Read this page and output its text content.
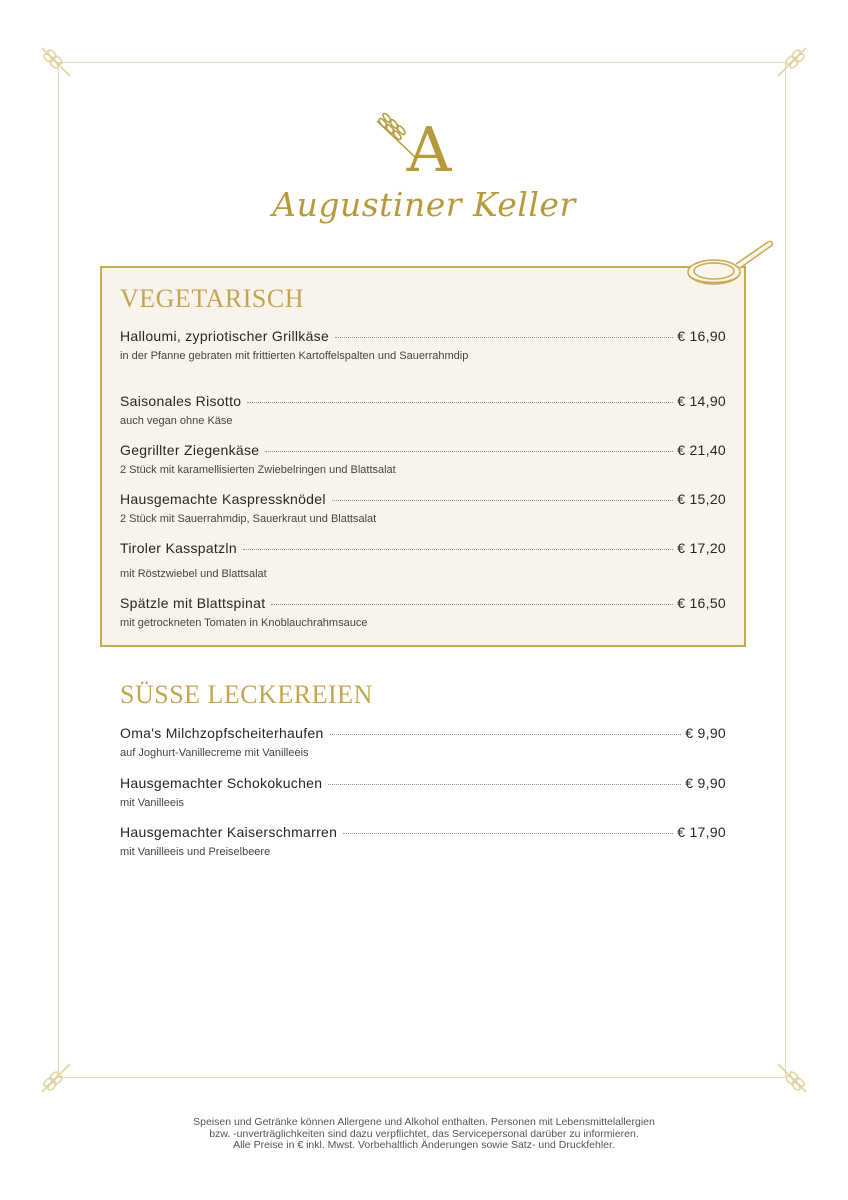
A
Augustiner Keller
VEGETARISCH
Halloumi, zypriotischer Grillkäse	€ 16,90
in der Pfanne gebraten mit frittierten Kartoffelspalten und Sauerrahmdip
Saisonales Risotto	€ 14,90
auch vegan ohne Käse
Gegrillter Ziegenkäse	€ 21,40
2 Stück mit karamellisierten Zwiebelringen und Blattsalat
Hausgemachte Kaspressknödel	€ 15,20
2 Stück mit Sauerrahmdip, Sauerkraut und Blattsalat
Tiroler Kasspatzln	€ 17,20
mit Röstzwiebel und Blattsalat
Spätzle mit Blattspinat	€ 16,50
mit getrockneten Tomaten in Knoblauchrahmsauce
SÜSSE LECKEREIEN
Oma's Milchzopfscheiterhaufen	€ 9,90
auf Joghurt-Vanillecreme mit Vanilleeis
Hausgemachter Schokokuchen	€ 9,90
mit Vanilleeis
Hausgemachter Kaiserschmarren	€ 17,90
mit Vanilleeis und Preiselbeere
Speisen und Getränke können Allergene und Alkohol enthalten. Personen mit Lebensmittelallergien
bzw. -unverträglichkeiten sind dazu verpflichtet, das Servicepersonal darüber zu informieren.
Alle Preise in € inkl. Mwst. Vorbehaltlich Änderungen sowie Satz- und Druckfehler.
